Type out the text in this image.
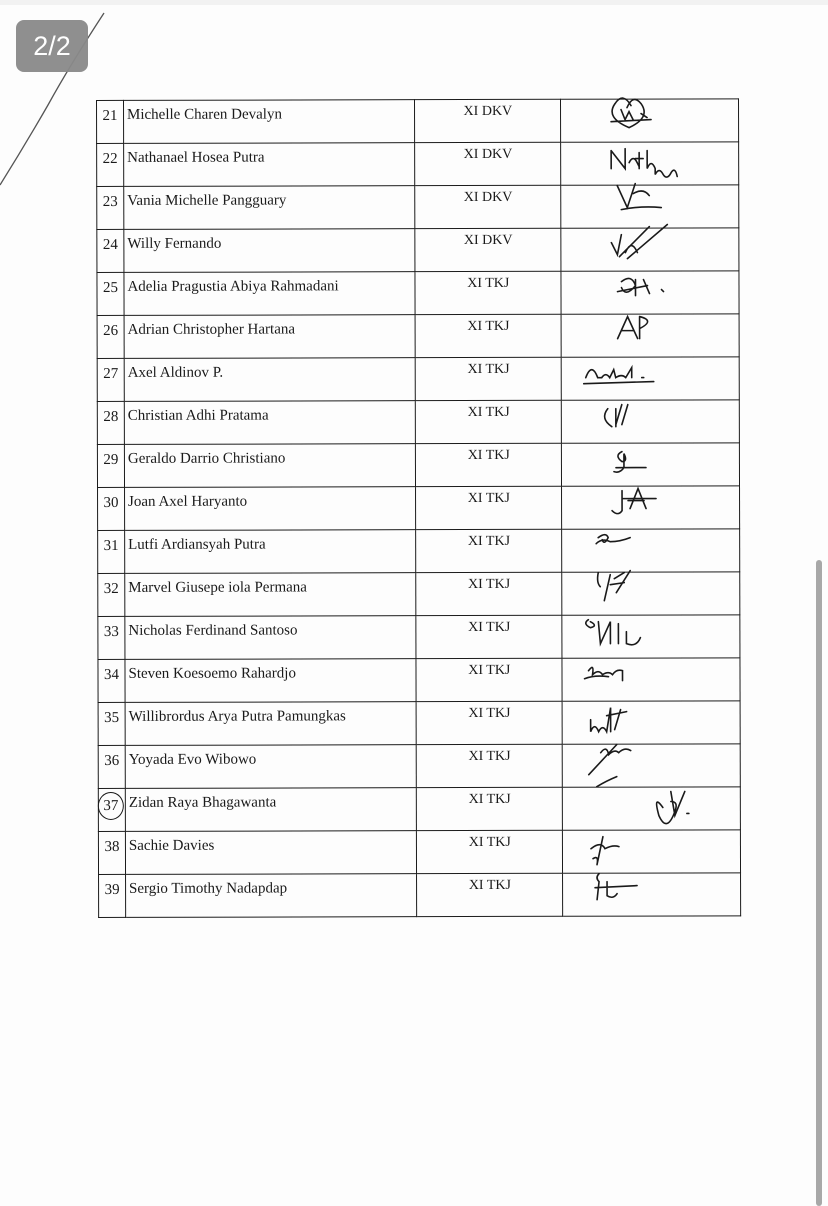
21	Michelle Charen Devalyn	XI DKV	

22	Nathanael Hosea Putra	XI DKV	

23	Vania Michelle Pangguary	XI DKV	

24	Willy Fernando	XI DKV	

25	Adelia Pragustia Abiya Rahmadani	XI TKJ	

26	Adrian Christopher Hartana	XI TKJ	

27	Axel Aldinov P.	XI TKJ	

28	Christian Adhi Pratama	XI TKJ	

29	Geraldo Darrio Christiano	XI TKJ	

30	Joan Axel Haryanto	XI TKJ	

31	Lutfi Ardiansyah Putra	XI TKJ	

32	Marvel Giusepe iola Permana	XI TKJ	

33	Nicholas Ferdinand Santoso	XI TKJ	

34	Steven Koesoemo Rahardjo	XI TKJ	

35	Willibrordus Arya Putra Pamungkas	XI TKJ	

36	Yoyada Evo Wibowo	XI TKJ	

37	Zidan Raya Bhagawanta	XI TKJ	

38	Sachie Davies	XI TKJ	

39	Sergio Timothy Nadapdap	XI TKJ	
2/2
